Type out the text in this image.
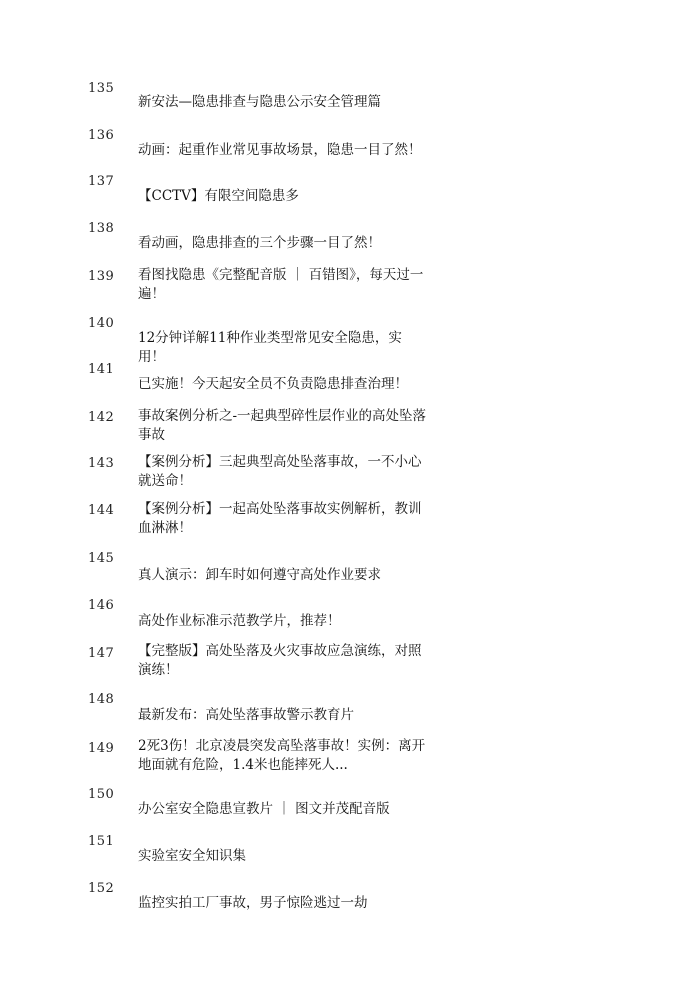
135
新安法—隐患排查与隐患公示安全管理篇
136
动画：起重作业常见事故场景，隐患一目了然！
137
【CCTV】有限空间隐患多
138
看动画，隐患排查的三个步骤一目了然！
139 看图找隐患《完整配音版 ｜ 百错图》，每天过一遍！
140
12分钟详解11种作业类型常见安全隐患，实用！
141
已实施！今天起安全员不负责隐患排查治理！
142 事故案例分析之-一起典型碎性层作业的高处坠落事故
143 【案例分析】三起典型高处坠落事故，一不小心就送命！
144 【案例分析】一起高处坠落事故实例解析，教训血淋淋！
145
真人演示：卸车时如何遵守高处作业要求
146
高处作业标准示范教学片，推荐！
147 【完整版】高处坠落及火灾事故应急演练，对照演练！
148
最新发布：高处坠落事故警示教育片
149 2死3伤！北京凌晨突发高坠落事故！实例：离开地面就有危险，1.4米也能摔死人...
150
办公室安全隐患宣教片 ｜ 图文并茂配音版
151
实验室安全知识集
152
监控实拍工厂事故，男子惊险逃过一劫
